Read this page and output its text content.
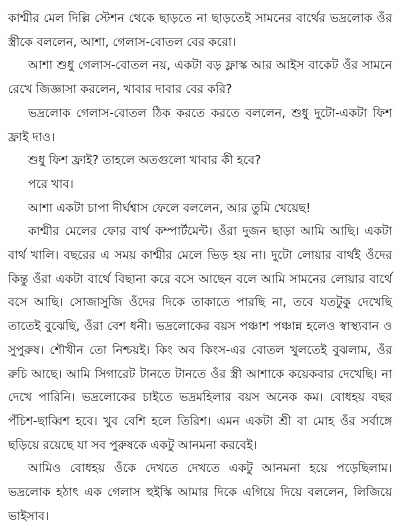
কাশ্মীর মেল দিল্লি স্টেশন থেকে ছাড়তে না ছাড়তেই সামনের বার্থের ভদ্রলোক ওঁর স্ত্রীকে বললেন, আশা, গেলাস-বোতল বের করো।

আশা শুধু গেলাস-বোতল নয়, একটা বড় ফ্লাস্ক আর আইস বাকেট ওঁর সামনে রেখে জিজ্ঞাসা করলেন, খাবার দাবার বের করি?

ভদ্রলোক গেলাস-বোতল ঠিক করতে করতে বললেন, শুধু দুটো-একটা ফিশ ফ্রাই দাও।

শুধু ফিশ ফ্রাই? তাহলে অতগুলো খাবার কী হবে?

পরে খাব।

আশা একটা চাপা দীর্ঘশ্বাস ফেলে বললেন, আর তুমি খেয়েছ!

কাশ্মীর মেলের ফোর বার্থ কম্পার্টমেন্ট। ওঁরা দুজন ছাড়া আমি আছি। একটা বার্থ খালি। বছরের এ সময় কাশ্মীর মেলে ভিড় হয় না। দুটো লোয়ার বার্থই ওঁদের কিন্তু ওঁরা একটা বার্থে বিছানা করে বসে আছেন বলে আমি সামনের লোয়ার বার্থে বসে আছি। সোজাসুজি ওঁদের দিকে তাকাতে পারছি না, তবে যতটুকু দেখেছি তাতেই বুঝেছি, ওঁরা বেশ ধনী। ভদ্রলোকের বয়স পঞ্চাশ পঞ্চান্ন হলেও স্বাস্থ্যবান ও সুপুরুষ। শৌখীন তো নিশ্চয়ই। কিং অব কিংস-এর বোতল খুলতেই বুঝলাম, ওঁর রুচি আছে। আমি সিগারেট টানতে টানতে ওঁর স্ত্রী আশাকে কয়েকবার দেখেছি। না দেখে পারিনি। ভদ্রলোকের চাইতে ভদ্রমহিলার বয়স অনেক কম। বোধহয় বছর পঁচিশ-ছাব্বিশ হবে। খুব বেশি হলে তিরিশ। এমন একটা শ্রী বা মোহ ওঁর সর্বাঙ্গে ছড়িয়ে রয়েছে যা সব পুরুষকে একটু আনমনা করবেই।

আমিও বোধহয় ওঁকে দেখতে দেখতে একটু আনমনা হয়ে পড়েছিলাম। ভদ্রলোক হঠাৎ এক গেলাস হুইস্কি আমার দিকে এগিয়ে দিয়ে বললেন, লিজিয়ে ভাইসাব।
